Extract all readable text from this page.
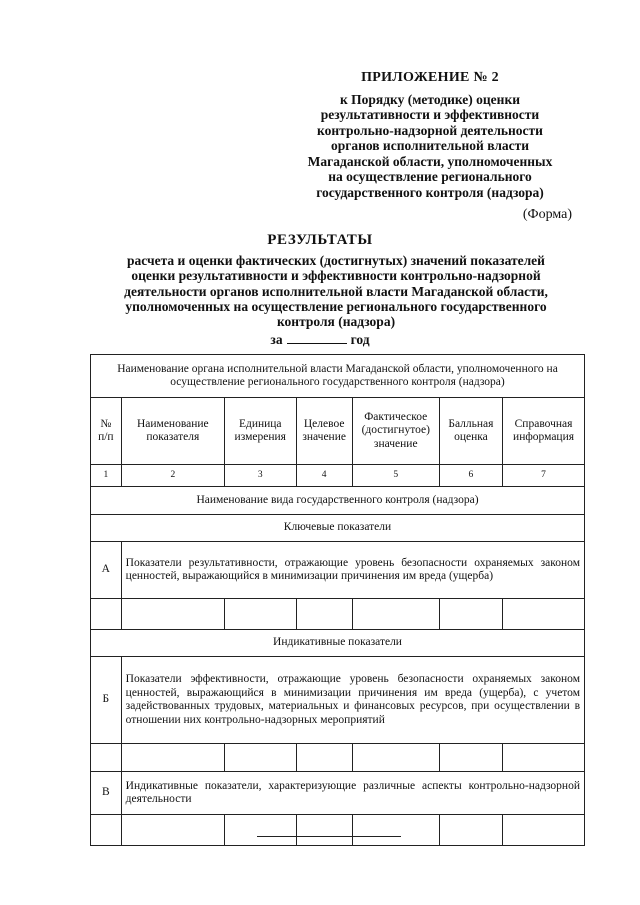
ПРИЛОЖЕНИЕ № 2
к Порядку (методике) оценки
результативности и эффективности
контрольно-надзорной деятельности
органов исполнительной власти
Магаданской области, уполномоченных
на осуществление регионального
государственного контроля (надзора)
(Форма)
РЕЗУЛЬТАТЫ
расчета и оценки фактических (достигнутых) значений показателей
оценки результативности и эффективности контрольно-надзорной
деятельности органов исполнительной власти Магаданской области,
уполномоченных на осуществление регионального государственного
контроля (надзора)
за	год
Наименование органа исполнительной власти Магаданской области, уполномоченного на осуществление регионального государственного контроля (надзора)						
№ п/п	Наименование показателя	Единица измерения	Целевое значение	Фактическое (достигнутое) значение	Балльная оценка	Справочная информация
1	2	3	4	5	6	7
Наименование вида государственного контроля (надзора)						
Ключевые показатели						
А	Показатели результативности, отражающие уровень безопасности охраняемых законом ценностей, выражающийся в минимизации причинения им вреда (ущерба)					

Индикативные показатели						
Б	Показатели эффективности, отражающие уровень безопасности охраняемых законом ценностей, выражающийся в минимизации причинения им вреда (ущерба), с учетом задействованных трудовых, материальных и финансовых ресурсов, при осуществлении в отношении них контрольно-надзорных мероприятий					

В	Индикативные показатели, характеризующие различные аспекты контрольно-надзорной деятельности					
